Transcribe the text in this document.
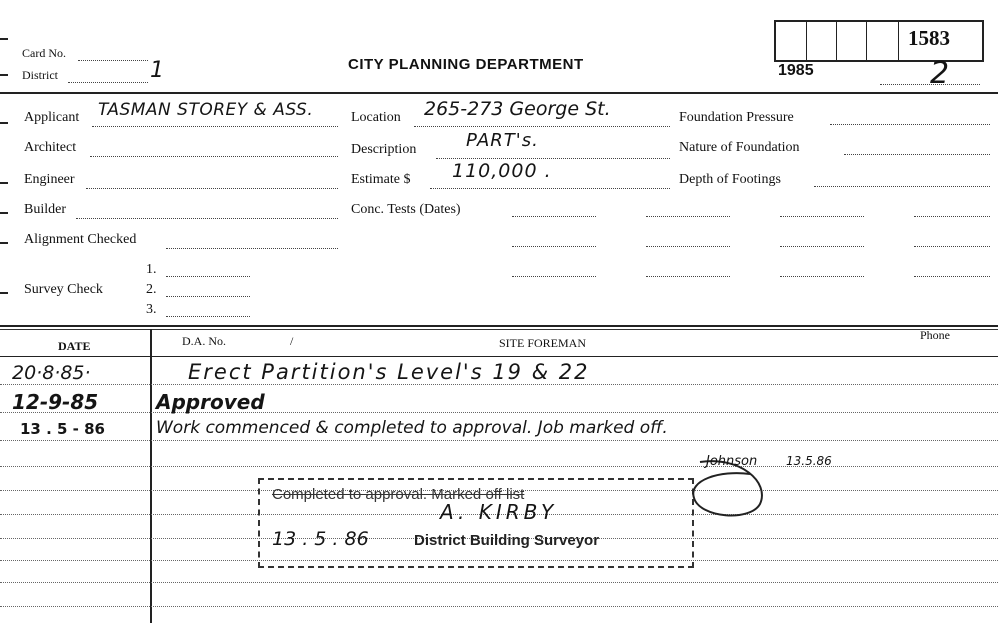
Card No.
District	1	CITY PLANNING DEPARTMENT
1583
1985	2
Applicant TASMAN STOREY & ASS.
Architect
Engineer
Builder
Alignment Checked
1.
Survey Check	2.
3.
Location 265-273 George St.
Description	PART's.
Estimate $ 110,000 .
Conc. Tests (Dates)
Foundation Pressure
Nature of Foundation
Depth of Footings
DATE	D.A. No.	/	SITE FOREMAN
Phone
20·8·85·	Erect Partition's Level's 19 & 22
12-9-85	Approved
13 . 5 - 86	Work commenced & completed to approval. Job marked off.
Completed to approval. Marked off list
A. KIRBY
13 . 5 . 86	District Building Surveyor
Johnson 13.5.86
